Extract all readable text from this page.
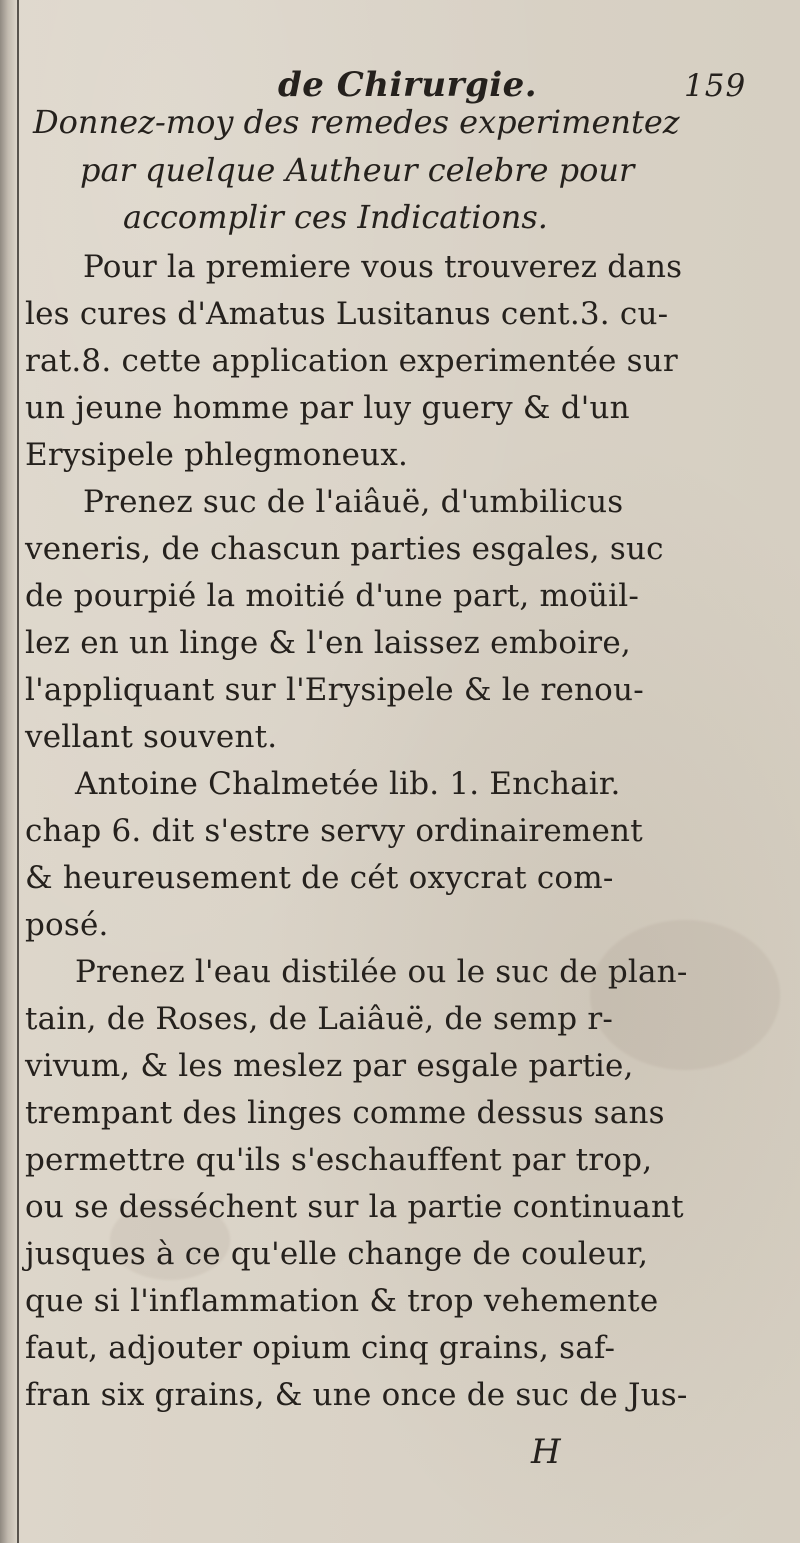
de Chirurgie.	159
Donnez-moy des remedes experimentez
par quelque Autheur celebre pour
accomplir ces Indications.
Pour la premiere vous trouverez dans
les cures d'Amatus Lusitanus cent.3. cu-
rat.8. cette application experimentée sur
un jeune homme par luy guery & d'un
Erysipele phlegmoneux.
Prenez suc de l'aiâuë, d'umbilicus
veneris, de chascun parties esgales, suc
de pourpié la moitié d'une part, moüil-
lez en un linge & l'en laissez emboire,
l'appliquant sur l'Erysipele & le renou-
vellant souvent.
Antoine Chalmetée lib. 1. Enchair.
chap 6. dit s'estre servy ordinairement
& heureusement de cét oxycrat com-
posé.
Prenez l'eau distilée ou le suc de plan-
tain, de Roses, de Laiâuë, de semp r-
vivum, & les meslez par esgale partie,
trempant des linges comme dessus sans
permettre qu'ils s'eschauffent par trop,
ou se desséchent sur la partie continuant
jusques à ce qu'elle change de couleur,
que si l'inflammation & trop vehemente
faut, adjouter opium cinq grains, saf-
fran six grains, & une once de suc de Jus-
H
